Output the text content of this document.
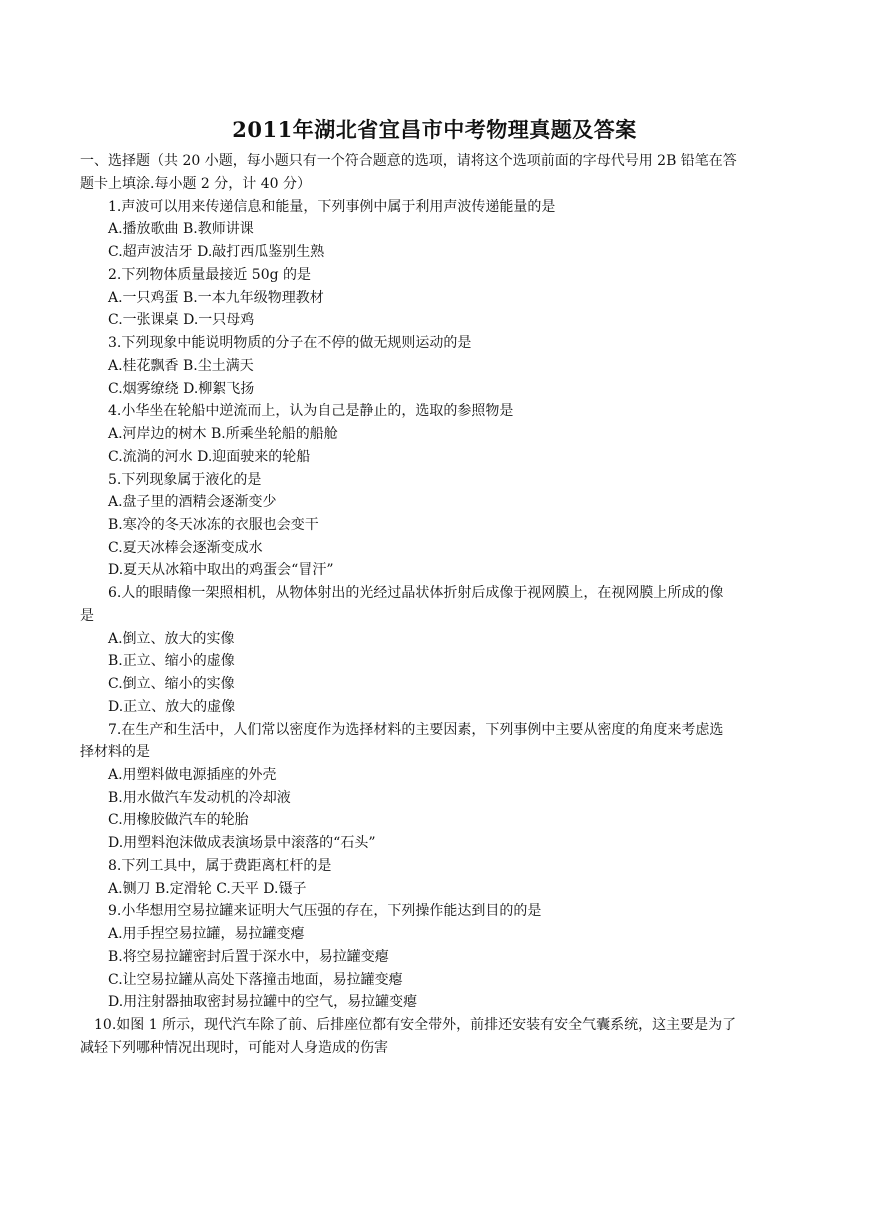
2011年湖北省宜昌市中考物理真题及答案
一、选择题（共 20 小题，每小题只有一个符合题意的选项，请将这个选项前面的字母代号用 2B 铅笔在答
题卡上填涂.每小题 2 分，计 40 分）
1.声波可以用来传递信息和能量，下列事例中属于利用声波传递能量的是
A.播放歌曲 B.教师讲课
C.超声波洁牙 D.敲打西瓜鉴别生熟
2.下列物体质量最接近 50g 的是
A.一只鸡蛋 B.一本九年级物理教材
C.一张课桌 D.一只母鸡
3.下列现象中能说明物质的分子在不停的做无规则运动的是
A.桂花飘香 B.尘土满天
C.烟雾缭绕 D.柳絮飞扬
4.小华坐在轮船中逆流而上，认为自己是静止的，选取的参照物是
A.河岸边的树木 B.所乘坐轮船的船舱
C.流淌的河水 D.迎面驶来的轮船
5.下列现象属于液化的是
A.盘子里的酒精会逐渐变少
B.寒冷的冬天冰冻的衣服也会变干
C.夏天冰棒会逐渐变成水
D.夏天从冰箱中取出的鸡蛋会“冒汗”
6.人的眼睛像一架照相机，从物体射出的光经过晶状体折射后成像于视网膜上，在视网膜上所成的像
是
A.倒立、放大的实像
B.正立、缩小的虚像
C.倒立、缩小的实像
D.正立、放大的虚像
7.在生产和生活中，人们常以密度作为选择材料的主要因素，下列事例中主要从密度的角度来考虑选
择材料的是
A.用塑料做电源插座的外壳
B.用水做汽车发动机的冷却液
C.用橡胶做汽车的轮胎
D.用塑料泡沫做成表演场景中滚落的“石头”
8.下列工具中，属于费距离杠杆的是
A.铡刀 B.定滑轮 C.天平 D.镊子
9.小华想用空易拉罐来证明大气压强的存在，下列操作能达到目的的是
A.用手捏空易拉罐，易拉罐变瘪
B.将空易拉罐密封后置于深水中，易拉罐变瘪
C.让空易拉罐从高处下落撞击地面，易拉罐变瘪
D.用注射器抽取密封易拉罐中的空气，易拉罐变瘪
10.如图 1 所示，现代汽车除了前、后排座位都有安全带外，前排还安装有安全气囊系统，这主要是为了
减轻下列哪种情况出现时，可能对人身造成的伤害
